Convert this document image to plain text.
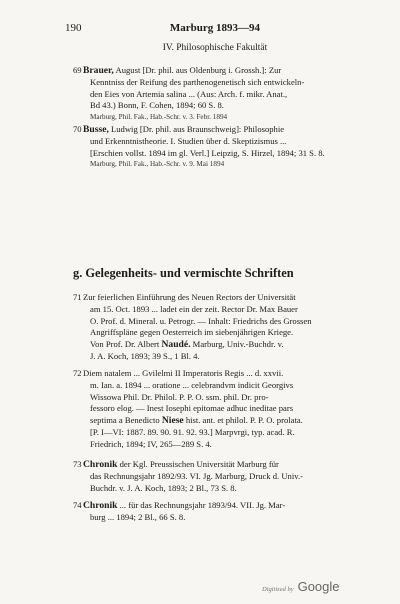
190	Marburg 1893—94
IV. Philosophische Fakultät
69 Brauer, August [Dr. phil. aus Oldenburg i. Grossh.]: Zur
Kenntniss der Reifung des parthenogenetisch sich entwickeln-
den Eies von Artemia salina ... (Aus: Arch. f. mikr. Anat.,
Bd 43.) Bonn, F. Cohen, 1894; 60 S. 8.
Marburg, Phil. Fak., Hab.-Schr. v. 3. Febr. 1894
70 Busse, Ludwig [Dr. phil. aus Braunschweig]: Philosophie
und Erkenntnistheorie. I. Studien über d. Skeptizismus ...
[Erschien vollst. 1894 im gl. Verl.] Leipzig, S. Hirzel, 1894; 31 S. 8.
Marburg, Phil. Fak., Hab.-Schr. v. 9. Mai 1894
g. Gelegenheits- und vermischte Schriften
71 Zur feierlichen Einführung des Neuen Rectors der Universität
am 15. Oct. 1893 ... ladet ein der zeit. Rector Dr. Max Bauer
O. Prof. d. Mineral. u. Petrogr. — Inhalt: Friedrichs des Grossen
Angriffspläne gegen Oesterreich im siebenjährigen Kriege.
Von Prof. Dr. Albert Naudé. Marburg, Univ.-Buchdr. v.
J. A. Koch, 1893; 39 S., 1 Bl. 4.
72 Diem natalem ... Gvilelmi II Imperatoris Regis ... d. xxvii.
m. Ian. a. 1894 ... oratione ... celebrandvm indicit Georgivs
Wissowa Phil. Dr. Philol. P. P. O. ssm. phil. Dr. pro-
fessoro elog. — Inest Iosephi epitomae adhuc ineditae pars
septima a Benedicto Niese hist. ant. et philol. P. P. O. prolata.
[P. I—VI: 1887. 89. 90. 91. 92. 93.] Marpvrgi, typ. acad. R.
Friedrich, 1894; IV, 265—289 S. 4.
73 Chronik der Kgl. Preussischen Universität Marburg für
das Rechnungsjahr 1892/93. VI. Jg. Marburg, Druck d. Univ.-
Buchdr. v. J. A. Koch, 1893; 2 Bl., 73 S. 8.
74 Chronik ... für das Rechnungsjahr 1893/94. VII. Jg. Mar-
burg ... 1894; 2 Bl., 66 S. 8.
Digitized by Google
